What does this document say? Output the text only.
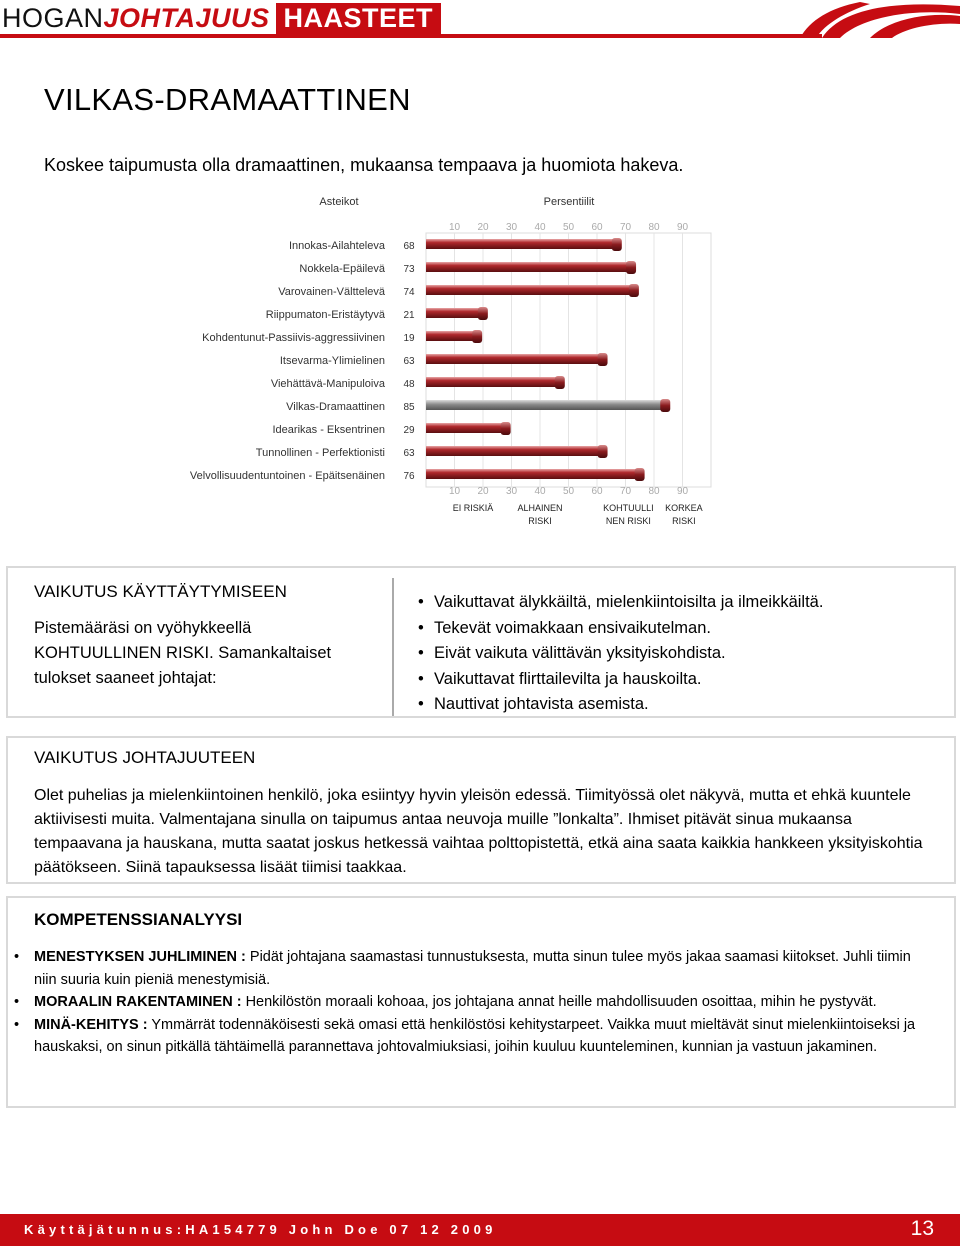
HOGANJOHTAJUUS HAASTEET
VILKAS-DRAMAATTINEN
Koskee taipumusta olla dramaattinen, mukaansa tempaava ja huomiota hakeva.
Asteikot	Persentiilit
10 20 30 40 50 60 70 80 90
10 20 30 40 50 60 70 80 90
Innokas-Ailahteleva 68
Nokkela-Epäilevä 73
Varovainen-Välttelevä 74
Riippumaton-Eristäytyvä 21
Kohdentunut-Passiivis-aggressiivinen 19
Itsevarma-Ylimielinen 63
Viehättävä-Manipuloiva 48
Vilkas-Dramaattinen 85
Idearikas - Eksentrinen 29
Tunnollinen - Perfektionisti 63
Velvollisuudentuntoinen - Epäitsenäinen 76
EI RISKIÄ	ALHAINEN
RISKI
KOHTUULLI
NEN RISKI
KORKEA
RISKI
VAIKUTUS KÄYTTÄYTYMISEEN
Pistemääräsi on vyöhykkeellä KOHTUULLINEN RISKI. Samankaltaiset tulokset saaneet johtajat:
• Vaikuttavat älykkäiltä, mielenkiintoisilta ja ilmeikkäiltä.
• Tekevät voimakkaan ensivaikutelman.
• Eivät vaikuta välittävän yksityiskohdista.
• Vaikuttavat flirttailevilta ja hauskoilta.
• Nauttivat johtavista asemista.
VAIKUTUS JOHTAJUUTEEN
Olet puhelias ja mielenkiintoinen henkilö, joka esiintyy hyvin yleisön edessä. Tiimityössä olet näkyvä, mutta et ehkä kuuntele aktiivisesti muita. Valmentajana sinulla on taipumus antaa neuvoja muille ”lonkalta”. Ihmiset pitävät sinua mukaansa tempaavana ja hauskana, mutta saatat joskus hetkessä vaihtaa polttopistettä, etkä aina saata kaikkia hankkeen yksityiskohtia päätökseen. Siinä tapauksessa lisäät tiimisi taakkaa.
KOMPETENSSIANALYYSI
• MENESTYKSEN JUHLIMINEN : Pidät johtajana saamastasi tunnustuksesta, mutta sinun tulee myös jakaa saamasi kiitokset. Juhli tiimin niin suuria kuin pieniä menestymisiä.
• MORAALIN RAKENTAMINEN : Henkilöstön moraali kohoaa, jos johtajana annat heille mahdollisuuden osoittaa, mihin he pystyvät.
• MINÄ-KEHITYS : Ymmärrät todennäköisesti sekä omasi että henkilöstösi kehitystarpeet. Vaikka muut mieltävät sinut mielenkiintoiseksi ja hauskaksi, on sinun pitkällä tähtäimellä parannettava johtovalmiuksiasi, joihin kuuluu kuunteleminen, kunnian ja vastuun jakaminen.
Käyttäjätunnus:HA154779 John Doe 07 12 2009	13
